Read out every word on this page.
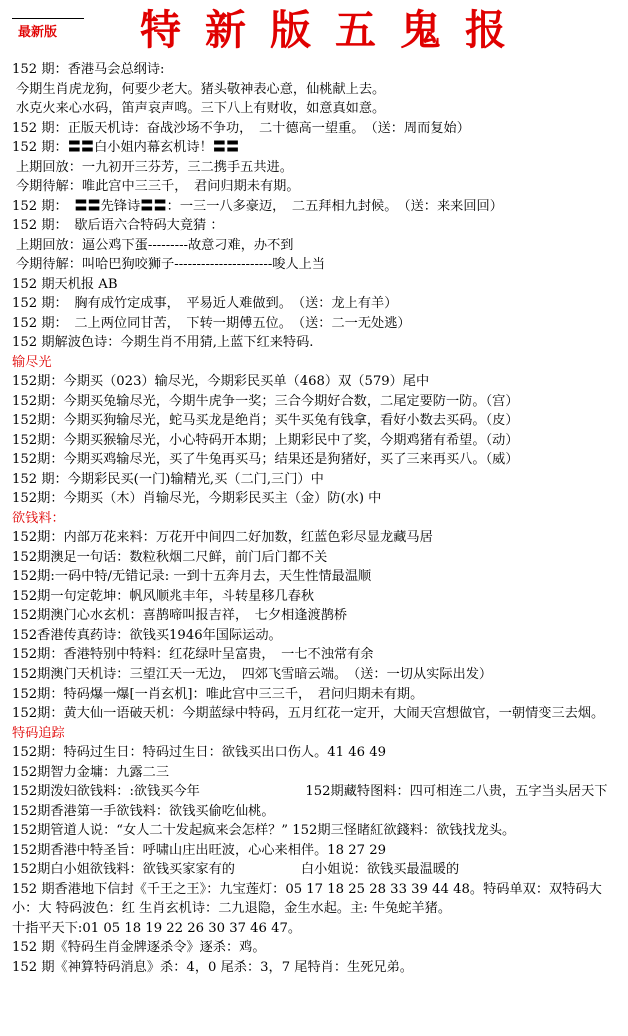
最新版 特新版五鬼报
152 期：香港马会总纲诗:
今期生肖虎龙狗，何要少老大。猪头敬神表心意，仙桃献上去。
水克火来心水码，笛声哀声鸣。三下八上有财收，如意真如意。
152 期：正版天机诗：奋战沙场不争功，　二十德高一望重。　（送：周而复始）
152 期：〓〓白小姐内幕玄机诗！〓〓
上期回放：一九初开三芬芳，三二携手五共进。
今期待解：唯此宫中三三千，　君问归期未有期。
152 期：　〓〓先锋诗〓〓：一三一八多豪迈，　二五拜相九封候。　（送：来来回回）
152 期：　歇后语六合特码大竟猜 ：
上期回放：逼公鸡下蛋---------故意刁难，办不到
今期待解：叫哈巴狗咬狮子----------------------唆人上当
152 期天机报 AB
152 期：　胸有成竹定成事，　平易近人难做到。　（送：龙上有羊）
152 期：　二上两位同甘苦，　下转一期傅五位。　（送：二一无处逃）
152 期解波色诗：今期生肖不用猜,上蓝下红来特码.
输尽光
152期：今期买（023）输尽光，今期彩民买单（468）双（579）尾中
152期：今期买兔输尽光，今期牛虎争一奖；三合今期好合数，二尾定要防一防。（宫）
152期：今期买狗输尽光，蛇马买龙是绝肖；买牛买兔有钱拿，看好小数去买码。（皮）
152期：今期买猴输尽光，小心特码开本期；上期彩民中了奖，今期鸡猪有希望。（动）
152期：今期买鸡输尽光，买了牛兔再买马；结果还是狗猪好，买了三来再买八。（威）
152 期：今期彩民买(一门)输精光,买（二门,三门）中
152期：今期买（木）肖输尽光，今期彩民买主（金）防(水) 中
欲钱料：
152期：内部万花来料：万花开中间四二好加数，红蓝色彩尽显龙藏马居
152期澳足一句话：数粒秋烟二尺鲜，前门后门都不关
152期:一码中特/无错记录: 一到十五奔月去，天生性情最温顺
152期一句定乾坤：帆风顺兆丰年，斗转星移几春秋
152期澳门心水玄机：喜鹊啼叫报吉祥，　七夕相逢渡鹊桥
152香港传真药诗：欲钱买1946年国际运动。
152期：香港特别中特料：红花绿叶呈富贵，　一七不浊常有余
152期澳门天机诗：三望江天一无边，　四郊飞雪暗云端。　（送：一切从实际出发）
152期：特码爆一爆[一肖玄机]：唯此宫中三三千，　君问归期未有期。
152期：黄大仙一语破天机：今期蓝绿中特码，五月红花一定开，大闹天宫想做官，一朝情变三去烟。
特码追踪
152期：特码过生日：特码过生日：欲钱买出口伤人。41 46 49
152期智力金墉：九露二三
152期泼妇欲钱料：:欲钱买今年　　　　　　　　152期藏特图料：四可相连二八贵，五字当头居天下
152期香港第一手欲钱料：欲钱买偷吃仙桃。
152期管道人说：“女人二十发起疯来会怎样？” 152期三怪睹紅欲錢料：欲钱找龙头。
152期香港中特圣旨：呼啸山庄出旺波，心心来相伴。18 27 29
152期白小姐欲钱料：欲钱买家家有的　　　　　白小姐说：欲钱买最温暖的
152 期香港地下信封《千王之王》：九宝莲灯：05 17 18 25 28 33 39 44 48。特码单双：双特码大小：大 特码波色：红 生肖玄机诗：二九退隐，金生水起。主: 牛兔蛇羊猪。
十指平天下:01 05 18 19 22 26 30 37 46 47。
152 期《特码生肖金牌逐杀令》逐杀：鸡。
152 期《神算特码消息》杀：4，0 尾杀：3，7 尾特肖：生死兄弟。
